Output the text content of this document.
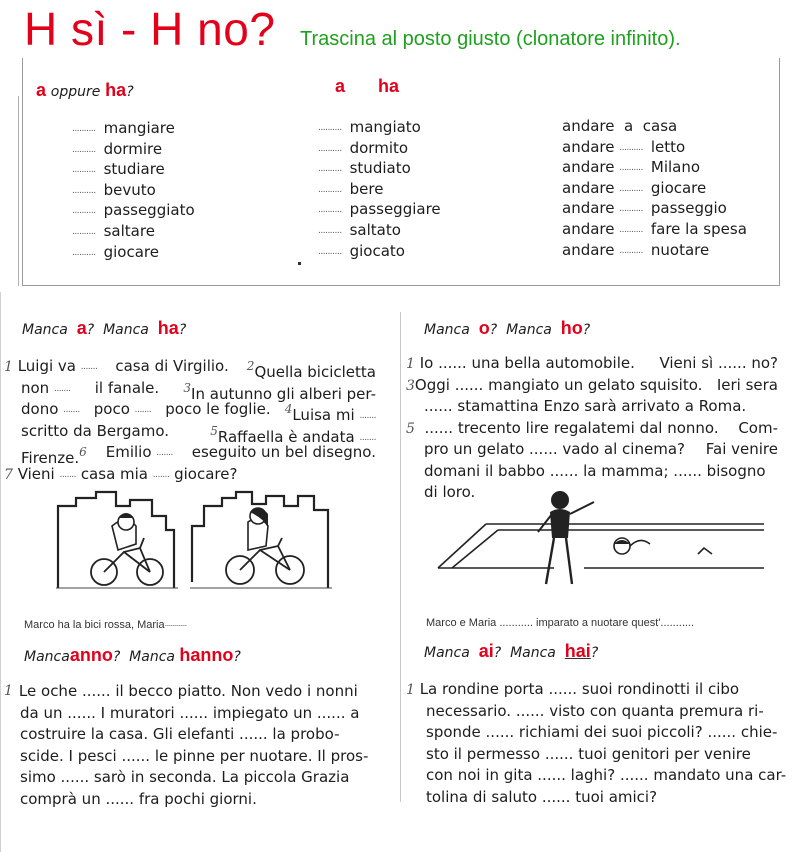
H sì - H no? Trascina al posto giusto (clonatore infinito).
a oppure ha?	a ha
.......... mangiare
.......... dormire
.......... studiare
.......... bevuto
.......... passeggiato
.......... saltare
.......... giocare
.......... mangiato
.......... dormito
.......... studiato
.......... bere
.......... passeggiare
.......... saltato
.......... giocato
andare a casa
andare .......... letto
andare .......... Milano
andare .......... giocare
andare .......... passeggio
andare .......... fare la spesa
andare .......... nuotare
Manca a? Manca ha?
1 Luigi va ....... casa di Virgilio. $^2$Quella bicicletta
non ....... il fanale. $^3$In autunno gli alberi per-
dono ....... poco ....... poco le foglie. $^4$Luisa mi .......
scritto da Bergamo.	$^5$Raffaella è andata .......
Firenze.$^6$ Emilio ....... eseguito un bel disegno.
7 Vieni ....... casa mia ....... giocare?
Marco ha la bici rossa, Maria...........
Manca o? Manca ho?
1 Io ...... una bella automobile. Vieni sì ...... no?
3Oggi ...... mangiato un gelato squisito. Ieri sera
...... stamattina Enzo sarà arrivato a Roma.
5 ...... trecento lire regalatemi dal nonno. Com-
pro un gelato ...... vado al cinema? Fai venire
domani il babbo ...... la mamma; ...... bisogno
di loro.
Marco e Maria ........... imparato a nuotare quest'...........
Mancaanno? Manca hanno?
1 Le oche ...... il becco piatto. Non vedo i nonni
da un ...... I muratori ...... impiegato un ...... a
costruire la casa. Gli elefanti ...... la probo-
scide. I pesci ...... le pinne per nuotare. Il pros-
simo ...... sarò in seconda. La piccola Grazia
comprà un ...... fra pochi giorni.
Manca ai? Manca hai?
1 La rondine porta ...... suoi rondinotti il cibo
necessario. ...... visto con quanta premura ri-
sponde ...... richiami dei suoi piccoli? ...... chie-
sto il permesso ...... tuoi genitori per venire
con noi in gita ...... laghi? ...... mandato una car-
tolina di saluto ...... tuoi amici?
